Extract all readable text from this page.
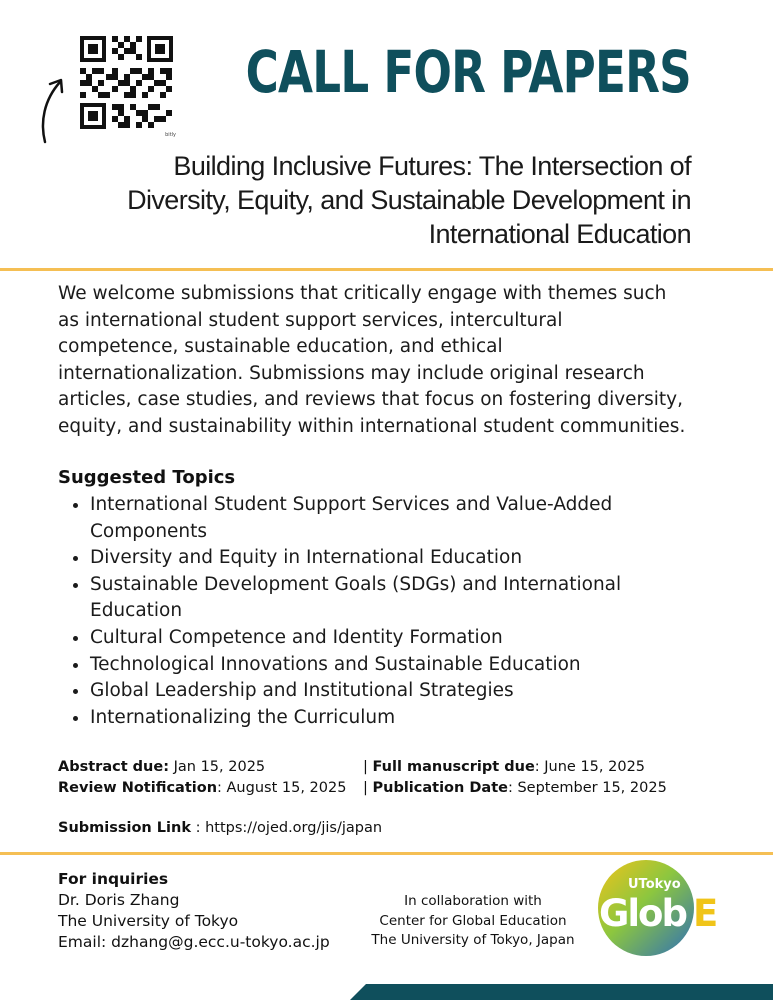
bitly
CALL FOR PAPERS
Building Inclusive Futures: The Intersection of Diversity, Equity, and Sustainable Development in International Education
We welcome submissions that critically engage with themes such as international student support services, intercultural competence, sustainable education, and ethical internationalization. Submissions may include original research articles, case studies, and reviews that focus on fostering diversity, equity, and sustainability within international student communities.
Suggested Topics
• International Student Support Services and Value-Added Components
• Diversity and Equity in International Education
• Sustainable Development Goals (SDGs) and International Education
• Cultural Competence and Identity Formation
• Technological Innovations and Sustainable Education
• Global Leadership and Institutional Strategies
• Internationalizing the Curriculum
Abstract due: Jan 15, 2025	| Full manuscript due: June 15, 2025
Review Notification: August 15, 2025 | Publication Date: September 15, 2025
Submission Link : https://ojed.org/jis/japan
For inquiries
Dr. Doris Zhang
The University of Tokyo
Email: dzhang@g.ecc.u-tokyo.ac.jp
In collaboration with
Center for Global Education
The University of Tokyo, Japan
UTokyo
Glob E
